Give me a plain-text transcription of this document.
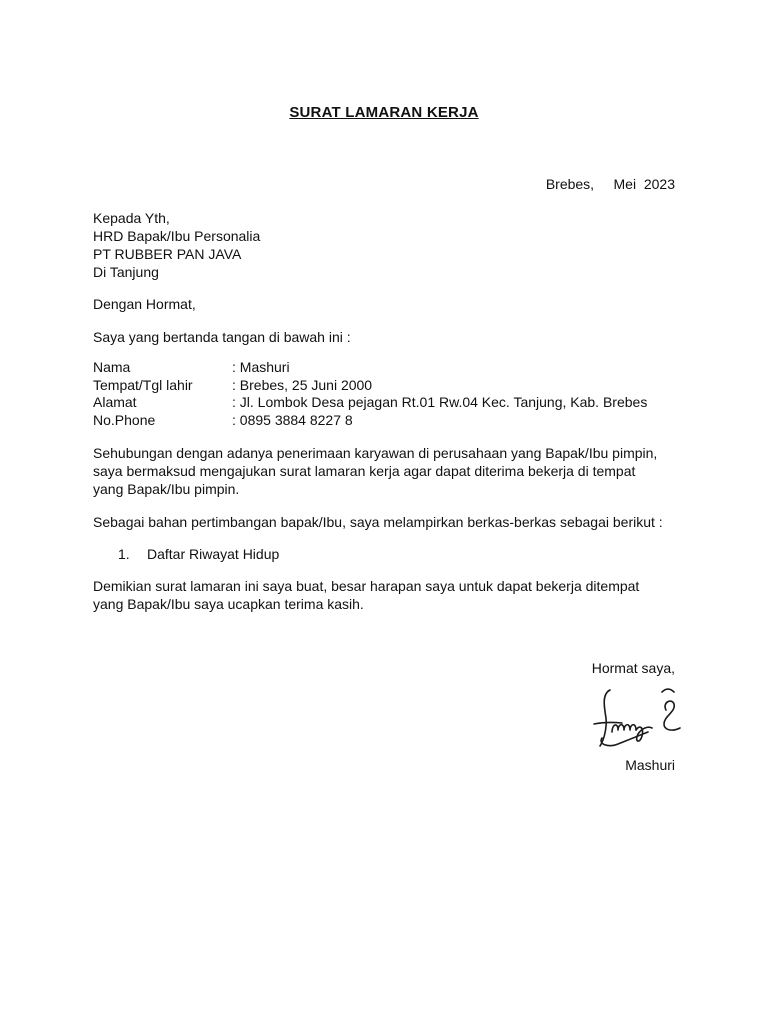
SURAT LAMARAN KERJA
Brebes, Mei  2023
Kepada Yth,
HRD Bapak/Ibu Personalia
PT RUBBER PAN JAVA
Di Tanjung
Dengan Hormat,
Saya yang bertanda tangan di bawah ini :
Nama	: Mashuri
Tempat/Tgl lahir	: Brebes, 25 Juni 2000
Alamat	: Jl. Lombok Desa pejagan Rt.01 Rw.04 Kec. Tanjung, Kab. Brebes
No.Phone	: 0895 3884 8227 8
Sehubungan dengan adanya penerimaan karyawan di perusahaan yang Bapak/Ibu pimpin,
saya bermaksud mengajukan surat lamaran kerja agar dapat diterima bekerja di tempat
yang Bapak/Ibu pimpin.
Sebagai bahan pertimbangan bapak/Ibu, saya melampirkan berkas-berkas sebagai berikut :
1. Daftar Riwayat Hidup
Demikian surat lamaran ini saya buat, besar harapan saya untuk dapat bekerja ditempat
yang Bapak/Ibu saya ucapkan terima kasih.
Hormat saya,
Mashuri
